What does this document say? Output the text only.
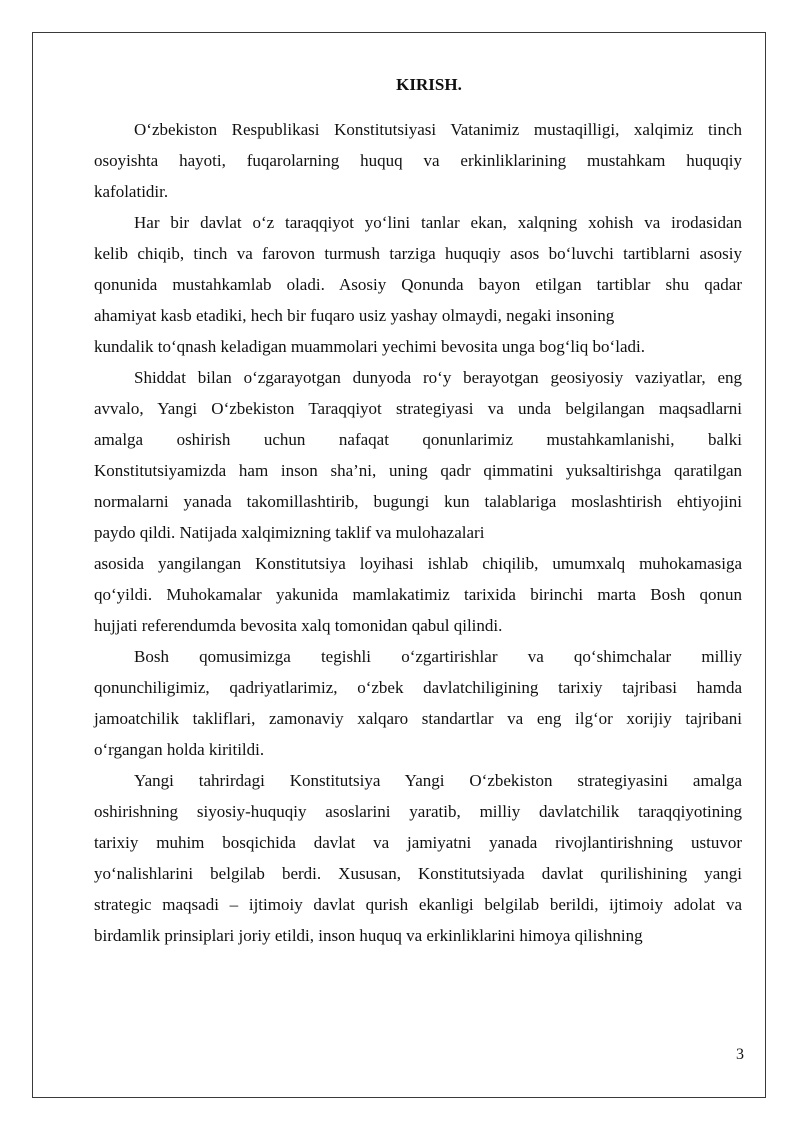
KIRISH.
O‘zbekiston Respublikasi Konstitutsiyasi Vatanimiz mustaqilligi, xalqimiz tinch
osoyishta hayoti, fuqarolarning huquq va erkinliklarining mustahkam huquqiy
kafolatidir.
Har bir davlat o‘z taraqqiyot yo‘lini tanlar ekan, xalqning xohish va irodasidan
kelib chiqib, tinch va farovon turmush tarziga huquqiy asos bo‘luvchi tartiblarni asosiy
qonunida mustahkamlab oladi. Asosiy Qonunda bayon etilgan tartiblar shu qadar
ahamiyat kasb etadiki, hech bir fuqaro usiz yashay olmaydi, negaki insoning
kundalik to‘qnash keladigan muammolari yechimi bevosita unga bog‘liq bo‘ladi.
Shiddat bilan o‘zgarayotgan dunyoda ro‘y berayotgan geosiyosiy vaziyatlar, eng
avvalo, Yangi O‘zbekiston Taraqqiyot strategiyasi va unda belgilangan maqsadlarni
amalga oshirish uchun nafaqat qonunlarimiz mustahkamlanishi, balki
Konstitutsiyamizda ham inson sha’ni, uning qadr qimmatini yuksaltirishga qaratilgan
normalarni yanada takomillashtirib, bugungi kun talablariga moslashtirish ehtiyojini
paydo qildi. Natijada xalqimizning taklif va mulohazalari
asosida yangilangan Konstitutsiya loyihasi ishlab chiqilib, umumxalq muhokamasiga
qo‘yildi. Muhokamalar yakunida mamlakatimiz tarixida birinchi marta Bosh qonun
hujjati referendumda bevosita xalq tomonidan qabul qilindi.
Bosh qomusimizga tegishli o‘zgartirishlar va qo‘shimchalar milliy
qonunchiligimiz, qadriyatlarimiz, o‘zbek davlatchiligining tarixiy tajribasi hamda
jamoatchilik takliflari, zamonaviy xalqaro standartlar va eng ilg‘or xorijiy tajribani
o‘rgangan holda kiritildi.
Yangi tahrirdagi Konstitutsiya Yangi O‘zbekiston strategiyasini amalga
oshirishning siyosiy-huquqiy asoslarini yaratib, milliy davlatchilik taraqqiyotining
tarixiy muhim bosqichida davlat va jamiyatni yanada rivojlantirishning ustuvor
yo‘nalishlarini belgilab berdi. Xususan, Konstitutsiyada davlat qurilishining yangi
strategic maqsadi – ijtimoiy davlat qurish ekanligi belgilab berildi, ijtimoiy adolat va
birdamlik prinsiplari joriy etildi, inson huquq va erkinliklarini himoya qilishning
3
